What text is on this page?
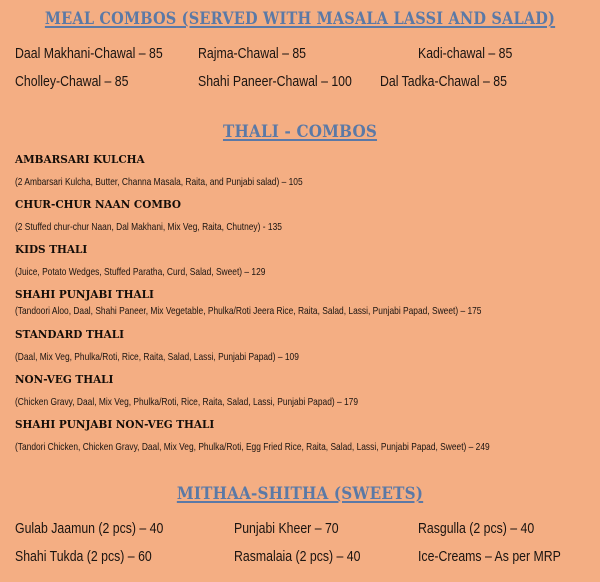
MEAL COMBOS (SERVED WITH MASALA LASSI AND SALAD)
Daal Makhani-Chawal – 85 Rajma-Chawal – 85	Kadi-chawal – 85
Cholley-Chawal – 85	Shahi Paneer-Chawal – 100 Dal Tadka-Chawal – 85
THALI - COMBOS
AMBARSARI KULCHA
(2 Ambarsari Kulcha, Butter, Channa Masala, Raita, and Punjabi salad) – 105
CHUR-CHUR NAAN COMBO
(2 Stuffed chur-chur Naan, Dal Makhani, Mix Veg, Raita, Chutney) - 135
KIDS THALI
(Juice, Potato Wedges, Stuffed Paratha, Curd, Salad, Sweet) – 129
SHAHI PUNJABI THALI
(Tandoori Aloo, Daal, Shahi Paneer, Mix Vegetable, Phulka/Roti Jeera Rice, Raita, Salad, Lassi, Punjabi Papad, Sweet) – 175
STANDARD THALI
(Daal, Mix Veg, Phulka/Roti, Rice, Raita, Salad, Lassi, Punjabi Papad) – 109
NON-VEG THALI
(Chicken Gravy, Daal, Mix Veg, Phulka/Roti, Rice, Raita, Salad, Lassi, Punjabi Papad) – 179
SHAHI PUNJABI NON-VEG THALI
(Tandori Chicken, Chicken Gravy, Daal, Mix Veg, Phulka/Roti, Egg Fried Rice, Raita, Salad, Lassi, Punjabi Papad, Sweet) – 249
MITHAA-SHITHA (SWEETS)
Gulab Jaamun (2 pcs) – 40	Punjabi Kheer – 70	Rasgulla (2 pcs) – 40
Shahi Tukda (2 pcs) – 60	Rasmalaia (2 pcs) – 40	Ice-Creams – As per MRP
